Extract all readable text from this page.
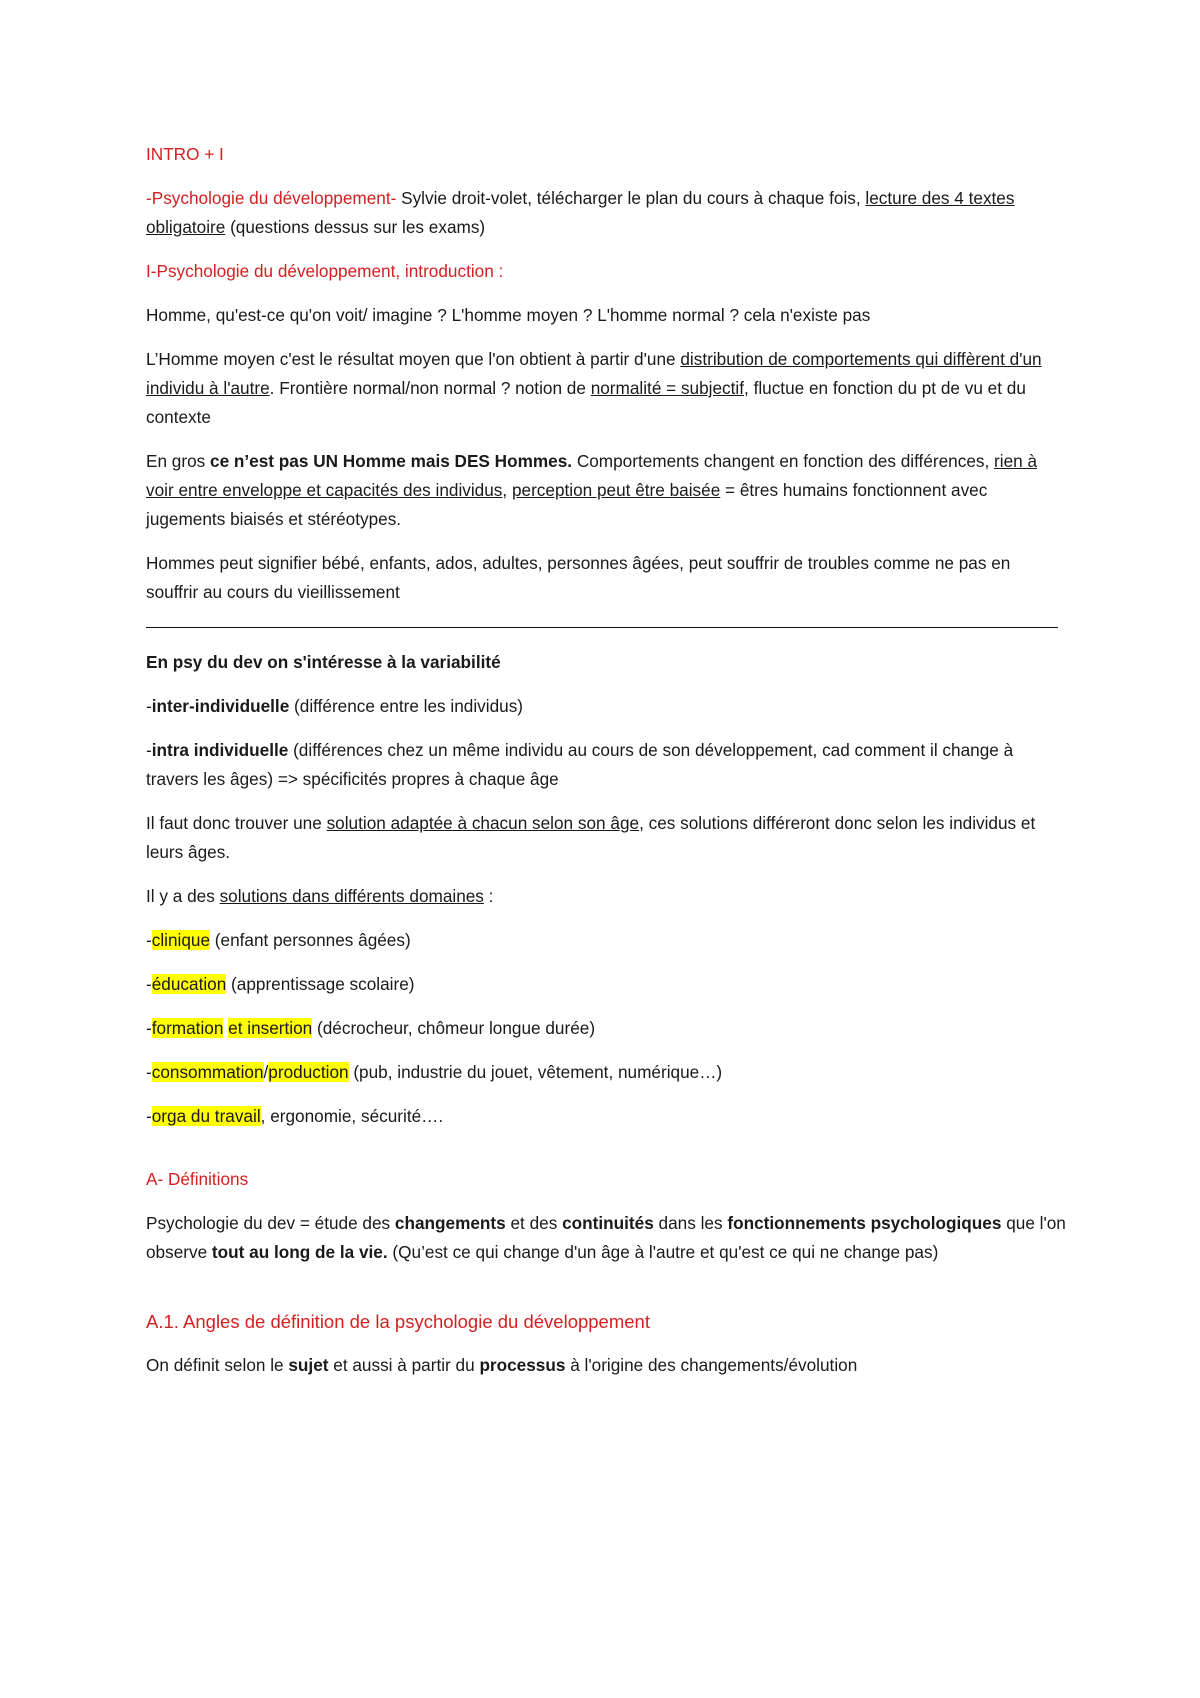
INTRO + I

-Psychologie du développement- Sylvie droit-volet, télécharger le plan du cours à chaque fois, lecture des 4 textes obligatoire (questions dessus sur les exams)

I-Psychologie du développement, introduction :

Homme, qu'est-ce qu'on voit/ imagine ? L'homme moyen ? L'homme normal ? cela n'existe pas

L’Homme moyen c'est le résultat moyen que l'on obtient à partir d'une distribution de comportements qui diffèrent d'un individu à l'autre. Frontière normal/non normal ? notion de normalité = subjectif, fluctue en fonction du pt de vu et du contexte

En gros ce n’est pas UN Homme mais DES Hommes. Comportements changent en fonction des différences, rien à voir entre enveloppe et capacités des individus, perception peut être baisée = êtres humains fonctionnent avec jugements biaisés et stéréotypes.

Hommes peut signifier bébé, enfants, ados, adultes, personnes âgées, peut souffrir de troubles comme ne pas en souffrir au cours du vieillissement

En psy du dev on s'intéresse à la variabilité

-inter-individuelle (différence entre les individus)

-intra individuelle (différences chez un même individu au cours de son développement, cad comment il change à travers les âges) => spécificités propres à chaque âge

Il faut donc trouver une solution adaptée à chacun selon son âge, ces solutions différeront donc selon les individus et leurs âges.

Il y a des solutions dans différents domaines :

-clinique (enfant personnes âgées)

-éducation (apprentissage scolaire)

-formation et insertion (décrocheur, chômeur longue durée)

-consommation/production (pub, industrie du jouet, vêtement, numérique…)

-orga du travail, ergonomie, sécurité….

A- Définitions

Psychologie du dev = étude des changements et des continuités dans les fonctionnements psychologiques que l'on observe tout au long de la vie. (Qu’est ce qui change d'un âge à l'autre et qu'est ce qui ne change pas)

A.1. Angles de définition de la psychologie du développement

On définit selon le sujet et aussi à partir du processus à l'origine des changements/évolution
